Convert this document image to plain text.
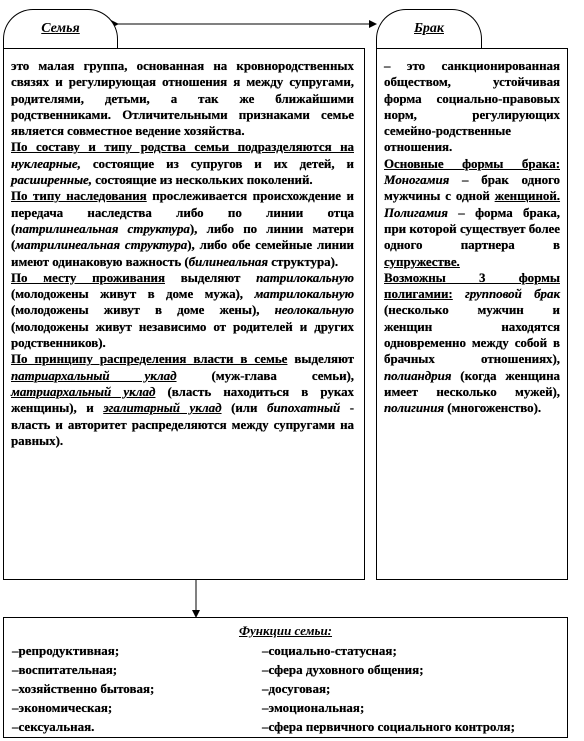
Семья

это малая группа, основанная на кровнородственных связях и регулирующая отношения я между супругами, родителями, детьми, а так же ближайшими родственниками. Отличительными признаками семье является совместное ведение хозяйства.

По составу и типу родства семьи подразделяются на нуклеарные, состоящие из супругов и их детей, и расширенные, состоящие из нескольких поколений.

По типу наследования прослеживается происхождение и передача наследства либо по линии отца (патрилинеальная структура), либо по линии матери (матрилинеальная структура), либо обе семейные линии имеют одинаковую важность (билинеальная структура).

По месту проживания выделяют патрилокальную (молодожены живут в доме мужа), матрилокальную (молодожены живут в доме жены), неолокальную (молодожены живут независимо от родителей и других родственников).

По принципу распределения власти в семье выделяют патриархальный уклад	(муж-глава семьи), матриархальный уклад (власть находиться в руках женщины), и эгалитарный уклад (или бипохатный - власть и авторитет распределяются между супругами на равных).

Брак

– это санкционированная обществом, устойчивая форма социально-правовых норм, регулирующих семейно-родственные отношения.

Основные формы брака: Моногамия – брак одного мужчины с одной женщиной. Полигамия – форма брака, при которой существует более одного партнера в супружестве.

Возможны 3 формы полигамии: групповой брак (несколько мужчин и женщин находятся одновременно между собой в брачных отношениях), полиандрия (когда женщина имеет несколько мужей), полигиния (многоженство).

Функции семьи:
–репродуктивная;
–воспитательная;
–хозяйственно бытовая;
–экономическая;
–сексуальная.
–социально-статусная;
–сфера духовного общения;
–досуговая;
–эмоциональная;
–сфера первичного социального контроля;
